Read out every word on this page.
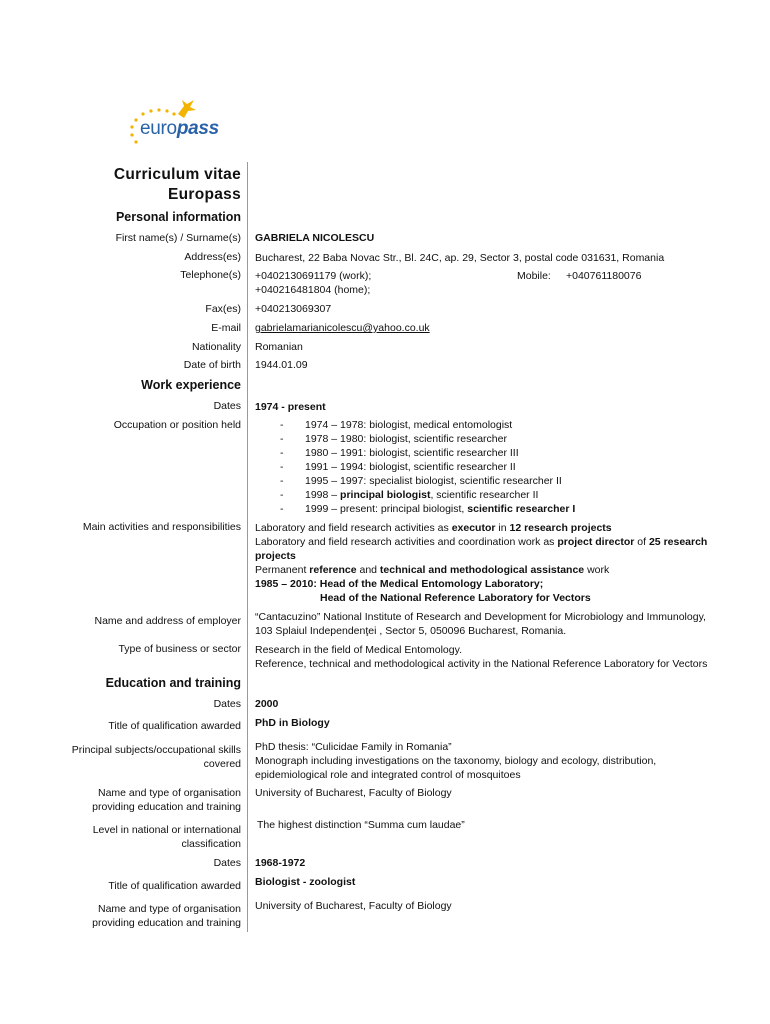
europass
Curriculum vitae
Europass
Personal information
First name(s) / Surname(s) GABRIELA NICOLESCU
Address(es) Bucharest, 22 Baba Novac Str., Bl. 24C, ap. 29, Sector 3, postal code 031631, Romania
Telephone(s) +0402130691179 (work);
+040216481804 (home);
Mobile: +040761180076
Fax(es) +040213069307
E-mail gabrielamarianicolescu@yahoo.co.uk
Nationality Romanian
Date of birth 1944.01.09
Work experience
Dates 1974 - present
Occupation or position held	- 1974 – 1978: biologist, medical entomologist
- 1978 – 1980: biologist, scientific researcher
- 1980 – 1991: biologist, scientific researcher III
- 1991 – 1994: biologist, scientific researcher II
- 1995 – 1997: specialist biologist, scientific researcher II
- 1998 – principal biologist, scientific researcher II
- 1999 – present: principal biologist, scientific researcher I
Main activities and responsibilities Laboratory and field research activities as executor in 12 research projects
Laboratory and field research activities and coordination work as project director of 25 research
projects
Permanent reference and technical and methodological assistance work
1985 – 2010: Head of the Medical Entomology Laboratory;
Head of the National Reference Laboratory for Vectors
Name and address of employer “Cantacuzino” National Institute of Research and Development for Microbiology and Immunology,
103 Splaiul Independenţei , Sector 5, 050096 Bucharest, Romania.
Type of business or sector Research in the field of Medical Entomology.
Reference, technical and methodological activity in the National Reference Laboratory for Vectors
Education and training
Dates 2000
Title of qualification awarded PhD in Biology
Principal subjects/occupational skills
covered
PhD thesis: “Culicidae Family in Romania”
Monograph including investigations on the taxonomy, biology and ecology, distribution,
epidemiological role and integrated control of mosquitoes
Name and type of organisation
providing education and training
University of Bucharest, Faculty of Biology
Level in national or international
classification
The highest distinction “Summa cum laudae”
Dates 1968-1972
Title of qualification awarded Biologist - zoologist
Name and type of organisation
providing education and training
University of Bucharest, Faculty of Biology
